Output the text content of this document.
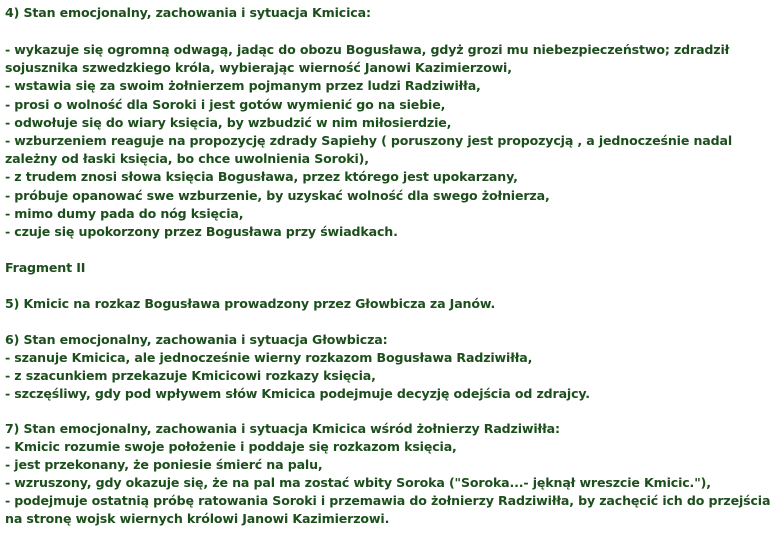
4) Stan emocjonalny, zachowania i sytuacja Kmicica:
- wykazuje się ogromną odwagą, jadąc do obozu Bogusława, gdyż grozi mu niebezpieczeństwo; zdradził
sojusznika szwedzkiego króla, wybierając wierność Janowi Kazimierzowi,
- wstawia się za swoim żołnierzem pojmanym przez ludzi Radziwiłła,
- prosi o wolność dla Soroki i jest gotów wymienić go na siebie,
- odwołuje się do wiary księcia, by wzbudzić w nim miłosierdzie,
- wzburzeniem reaguje na propozycję zdrady Sapiehy ( poruszony jest propozycją , a jednocześnie nadal
zależny od łaski księcia, bo chce uwolnienia Soroki),
- z trudem znosi słowa księcia Bogusława, przez którego jest upokarzany,
- próbuje opanować swe wzburzenie, by uzyskać wolność dla swego żołnierza,
- mimo dumy pada do nóg księcia,
- czuje się upokorzony przez Bogusława przy świadkach.
Fragment II
5) Kmicic na rozkaz Bogusława prowadzony przez Głowbicza za Janów.
6) Stan emocjonalny, zachowania i sytuacja Głowbicza:
- szanuje Kmicica, ale jednocześnie wierny rozkazom Bogusława Radziwiłła,
- z szacunkiem przekazuje Kmicicowi rozkazy księcia,
- szczęśliwy, gdy pod wpływem słów Kmicica podejmuje decyzję odejścia od zdrajcy.
7) Stan emocjonalny, zachowania i sytuacja Kmicica wśród żołnierzy Radziwiłła:
- Kmicic rozumie swoje położenie i poddaje się rozkazom księcia,
- jest przekonany, że poniesie śmierć na palu,
- wzruszony, gdy okazuje się, że na pal ma zostać wbity Soroka ("Soroka...- jęknął wreszcie Kmicic."),
- podejmuje ostatnią próbę ratowania Soroki i przemawia do żołnierzy Radziwiłła, by zachęcić ich do przejścia
na stronę wojsk wiernych królowi Janowi Kazimierzowi.
